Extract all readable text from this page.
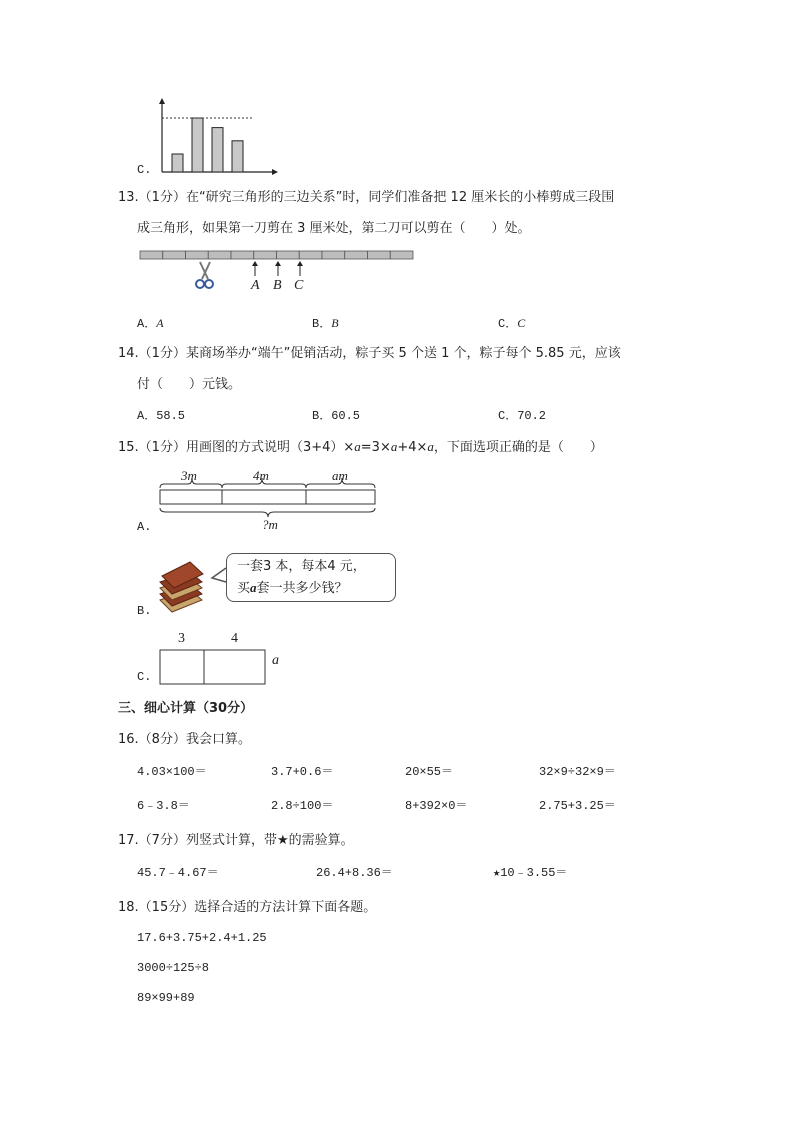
C.
13.（1分）在“研究三角形的三边关系”时，同学们准备把 12 厘米长的小棒剪成三段围
成三角形，如果第一刀剪在 3 厘米处，第二刀可以剪在（　　）处。
A B C
A．A	B．B	C．C
14.（1分）某商场举办“端午”促销活动，粽子买 5 个送 1 个，粽子每个 5.85 元，应该
付（　　）元钱。
A．58.5	B．60.5	C．70.2
15.（1分）用画图的方式说明（3+4）×a=3×a+4×a，下面选项正确的是（　　）
3m	4m	am
?m
A.
一套3 本，每本4 元，
买a套一共多少钱？
B.
3	4
a
C.
三、细心计算（30分）
16.（8分）我会口算。
4.03×100＝	3.7+0.6＝	20×55＝	32×9÷32×9＝
6﹣3.8＝	2.8÷100＝	8+392×0＝	2.75+3.25＝
17.（7分）列竖式计算，带★的需验算。
45.7﹣4.67＝	26.4+8.36＝	★10﹣3.55＝
18.（15分）选择合适的方法计算下面各题。
17.6+3.75+2.4+1.25
3000÷125÷8
89×99+89
